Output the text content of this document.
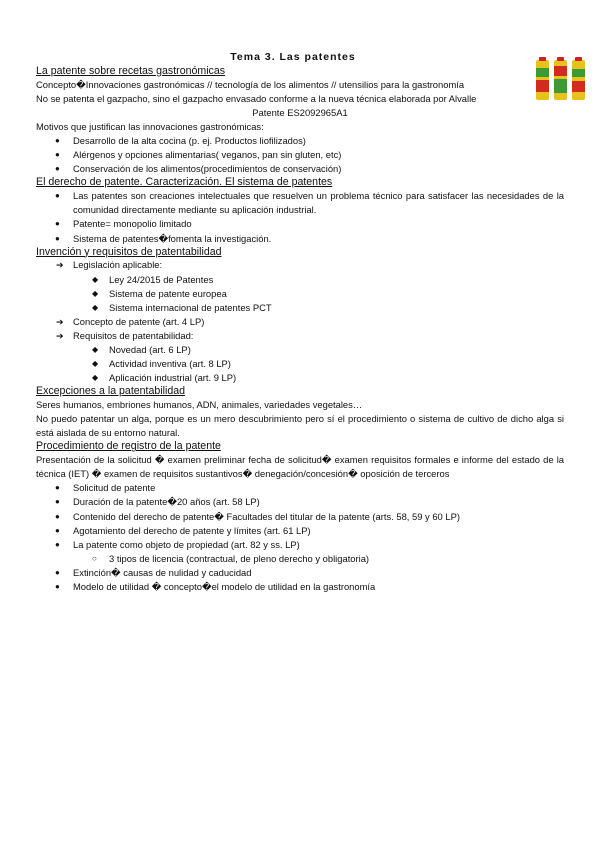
Tema 3. Las patentes
La patente sobre recetas gastronómicas

Concepto�Innovaciones gastronómicas // tecnología de los alimentos // utensilios para la gastronomía

No se patenta el gazpacho, sino el gazpacho envasado conforme a la nueva técnica elaborada por Alvalle

Patente ES2092965A1

Motivos que justifican las innovaciones gastronómicas:

● Desarrollo de la alta cocina (p. ej. Productos liofilizados)
● Alérgenos y opciones alimentarias( veganos, pan sin gluten, etc)
● Conservación de los alimentos(procedimientos de conservación)
El derecho de patente. Caracterización. El sistema de patentes
● Las patentes son creaciones intelectuales que resuelven un problema técnico para satisfacer las necesidades de la comunidad directamente mediante su aplicación industrial.
● Patente= monopolio limitado
● Sistema de patentes�fomenta la investigación.
Invención y requisitos de patentabilidad
➔ Legislación aplicable:
◆ Ley 24/2015 de Patentes
◆ Sistema de patente europea
◆ Sistema internacional de patentes PCT
➔ Concepto de patente (art. 4 LP)
➔ Requisitos de patentabilidad:
◆ Novedad (art. 6 LP)
◆ Actividad inventiva (art. 8 LP)
◆ Aplicación industrial (art. 9 LP)
Excepciones a la patentabilidad

Seres humanos, embriones humanos, ADN, animales, variedades vegetales…

No puedo patentar un alga, porque es un mero descubrimiento pero sí el procedimiento o sistema de cultivo de dicho alga si está aislada de su entorno natural.

Procedimiento de registro de la patente

Presentación de la solicitud � examen preliminar fecha de solicitud� examen requisitos formales e informe del estado de la técnica (IET) � examen de requisitos sustantivos� denegación/concesión� oposición de terceros

● Solicitud de patente
● Duración de la patente�20 años (art. 58 LP)
● Contenido del derecho de patente� Facultades del titular de la patente (arts. 58, 59 y 60 LP)
● Agotamiento del derecho de patente y límites (art. 61 LP)
● La patente como objeto de propiedad (art. 82 y ss. LP)
○ 3 tipos de licencia (contractual, de pleno derecho y obligatoria)
● Extinción� causas de nulidad y caducidad
● Modelo de utilidad � concepto�el modelo de utilidad en la gastronomía
